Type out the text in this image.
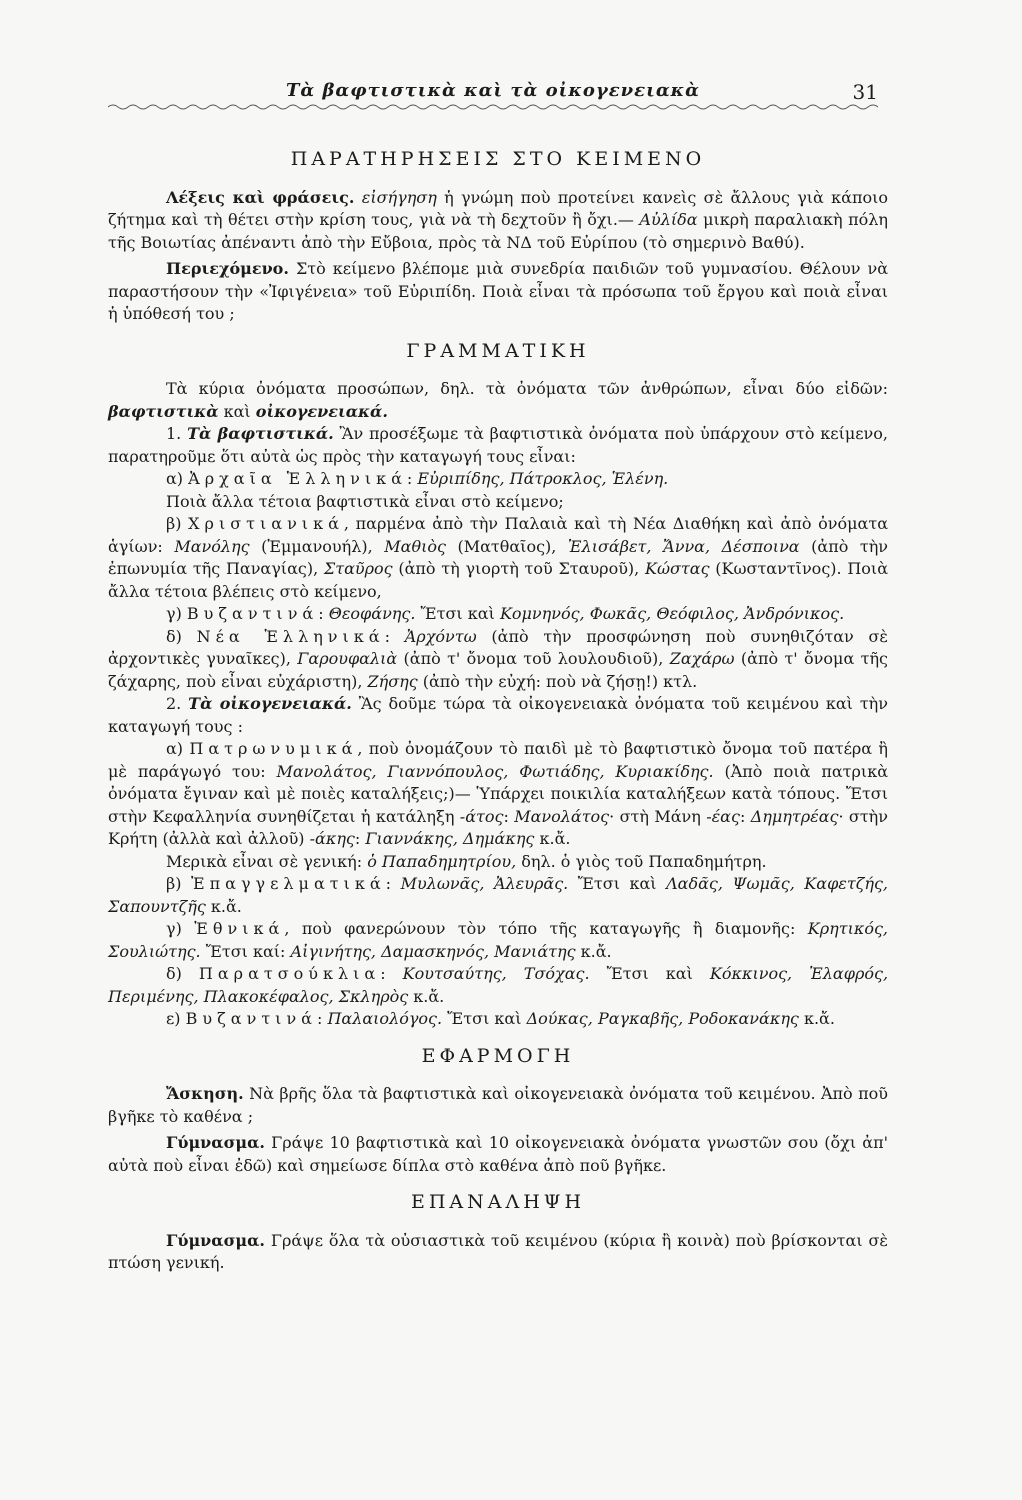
Τὰ βαφτιστικὰ καὶ τὰ οἰκογενειακὰ	31
ΠΑΡΑΤΗΡΗΣΕΙΣ ΣΤΟ ΚΕΙΜΕΝΟ

Λέξεις καὶ φράσεις. εἰσήγηση ἡ γνώμη ποὺ προτείνει κανεὶς σὲ ἄλλους γιὰ κάποιο ζήτημα καὶ τὴ θέτει στὴν κρίση τους, γιὰ νὰ τὴ δεχτοῦν ἢ ὄχι.— Αὐλίδα μικρὴ παραλιακὴ πόλη τῆς Βοιωτίας ἀπέναντι ἀπὸ τὴν Εὔβοια, πρὸς τὰ ΝΔ τοῦ Εὐρίπου (τὸ σημερινὸ Βαθύ).

Περιεχόμενο. Στὸ κείμενο βλέπομε μιὰ συνεδρία παιδιῶν τοῦ γυμνασίου. Θέλουν νὰ παραστήσουν τὴν «Ἰφιγένεια» τοῦ Εὐριπίδη. Ποιὰ εἶναι τὰ πρόσωπα τοῦ ἔργου καὶ ποιὰ εἶναι ἡ ὑπόθεσή του ;

ΓΡΑΜΜΑΤΙΚΗ

Τὰ κύρια ὀνόματα προσώπων, δηλ. τὰ ὀνόματα τῶν ἀνθρώπων, εἶναι δύο εἰδῶν: βαφτιστικὰ καὶ οἰκογενειακά.

1. Τὰ βαφτιστικά. Ἂν προσέξωμε τὰ βαφτιστικὰ ὀνόματα ποὺ ὑπάρχουν στὸ κείμενο, παρατηροῦμε ὅτι αὐτὰ ὡς πρὸς τὴν καταγωγή τους εἶναι:

α) Ἀρχαῖα Ἑλληνικά: Εὐριπίδης, Πάτροκλος, Ἑλένη.

Ποιὰ ἄλλα τέτοια βαφτιστικὰ εἶναι στὸ κείμενο;

β) Χριστιανικά, παρμένα ἀπὸ τὴν Παλαιὰ καὶ τὴ Νέα Διαθήκη καὶ ἀπὸ ὀνόματα ἁγίων: Μανόλης (Ἐμμανουήλ), Μαθιὸς (Ματθαῖος), Ἐλισάβετ, Ἄννα, Δέσποινα (ἀπὸ τὴν ἐπωνυμία τῆς Παναγίας), Σταῦρος (ἀπὸ τὴ γιορτὴ τοῦ Σταυροῦ), Κώστας (Κωσταντῖνος). Ποιὰ ἄλλα τέτοια βλέπεις στὸ κείμενο,

γ) Βυζαντινά: Θεοφάνης. Ἔτσι καὶ Κομνηνός, Φωκᾶς, Θεόφιλος, Ἀνδρόνικος.

δ) Νέα Ἑλληνικά: Ἀρχόντω (ἀπὸ τὴν προσφώνηση ποὺ συνηθιζόταν σὲ ἀρχοντικὲς γυναῖκες), Γαρουφαλιὰ (ἀπὸ τ' ὄνομα τοῦ λουλουδιοῦ), Ζαχάρω (ἀπὸ τ' ὄνομα τῆς ζάχαρης, ποὺ εἶναι εὐχάριστη), Ζήσης (ἀπὸ τὴν εὐχή: ποὺ νὰ ζήσῃ!) κτλ.

2. Τὰ οἰκογενειακά. Ἂς δοῦμε τώρα τὰ οἰκογενειακὰ ὀνόματα τοῦ κειμένου καὶ τὴν καταγωγή τους :

α) Πατρωνυμικά, ποὺ ὀνομάζουν τὸ παιδὶ μὲ τὸ βαφτιστικὸ ὄνομα τοῦ πατέρα ἢ μὲ παράγωγό του: Μανολάτος, Γιαννόπουλος, Φωτιάδης, Κυριακίδης. (Ἀπὸ ποιὰ πατρικὰ ὀνόματα ἔγιναν καὶ μὲ ποιὲς καταλήξεις;)— Ὑπάρχει ποικιλία καταλήξεων κατὰ τόπους. Ἔτσι στὴν Κεφαλληνία συνηθίζεται ἡ κατάληξη -άτος: Μανολάτος· στὴ Μάνη -έας: Δημητρέας· στὴν Κρήτη (ἀλλὰ καὶ ἀλλοῦ) -άκης: Γιαννάκης, Δημάκης κ.ἄ.

Μερικὰ εἶναι σὲ γενική: ὁ Παπαδημητρίου, δηλ. ὁ γιὸς τοῦ Παπαδημήτρη.

β) Ἐπαγγελματικά: Μυλωνᾶς, Ἀλευρᾶς. Ἔτσι καὶ Λαδᾶς, Ψωμᾶς, Καφετζής, Σαπουντζῆς κ.ἄ.

γ) Ἐθνικά, ποὺ φανερώνουν τὸν τόπο τῆς καταγωγῆς ἢ διαμονῆς: Κρητικός, Σουλιώτης. Ἔτσι καί: Αἰγινήτης, Δαμασκηνός, Μανιάτης κ.ἄ.

δ) Παρατσούκλια: Κουτσαύτης, Τσόχας. Ἔτσι καὶ Κόκκινος, Ἐλαφρός, Περιμένης, Πλακοκέφαλος, Σκληρὸς κ.ἄ.

ε) Βυζαντινά: Παλαιολόγος. Ἔτσι καὶ Δούκας, Ραγκαβῆς, Ροδοκανάκης κ.ἄ.

ΕΦΑΡΜΟΓΗ

Ἄσκηση. Νὰ βρῆς ὅλα τὰ βαφτιστικὰ καὶ οἰκογενειακὰ ὀνόματα τοῦ κειμένου. Ἀπὸ ποῦ βγῆκε τὸ καθένα ;

Γύμνασμα. Γράψε 10 βαφτιστικὰ καὶ 10 οἰκογενειακὰ ὀνόματα γνωστῶν σου (ὄχι ἀπ' αὐτὰ ποὺ εἶναι ἐδῶ) καὶ σημείωσε δίπλα στὸ καθένα ἀπὸ ποῦ βγῆκε.

ΕΠΑΝΑΛΗΨΗ

Γύμνασμα. Γράψε ὅλα τὰ οὐσιαστικὰ τοῦ κειμένου (κύρια ἢ κοινὰ) ποὺ βρίσκονται σὲ πτώση γενική.
